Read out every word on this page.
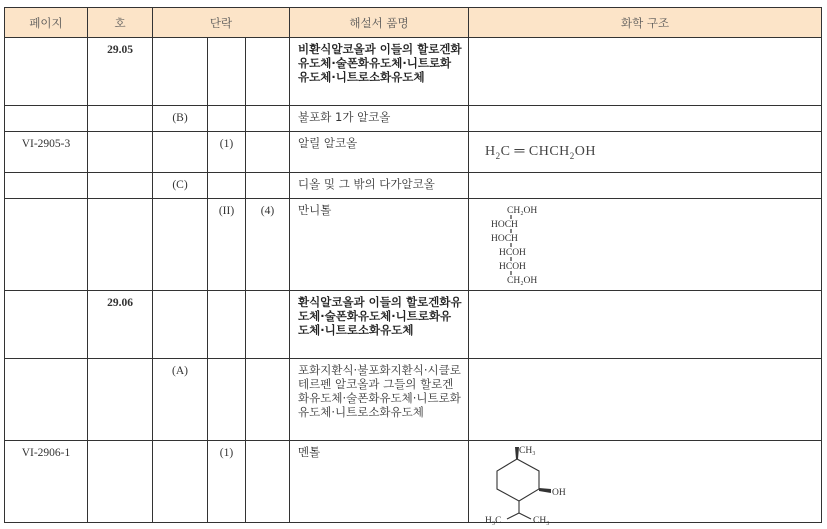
페이지	호	단락			해설서 품명	화학 구조
	29.05				비환식알코올과 이들의 할로겐화유도체·술폰화유도체·니트로화유도체·니트로소화유도체	
		(B)			불포화 1가 알코올	
VI-2905-3			(1)		알릴 알코올	$H_2C$ ═ $CHCH_2OH$

		(C)			디올 및 그 밖의 다가알코올	
			(II)	(4)	만니톨	CH₂OH
HOCH
HOCH
HCOH
HCOH
CH₂OH

	29.06				환식알코올과 이들의 할로겐화유도체·술폰화유도체·니트로화유도체·니트로소화유도체	
		(A)			포화지환식·불포화지환식·시클로테르펜 알코올과 그들의 할로겐화유도체·술폰화유도체·니트로화유도체·니트로소화유도체	
VI-2906-1			(1)		멘톨	CH₃
OH
H₃C CH₃
